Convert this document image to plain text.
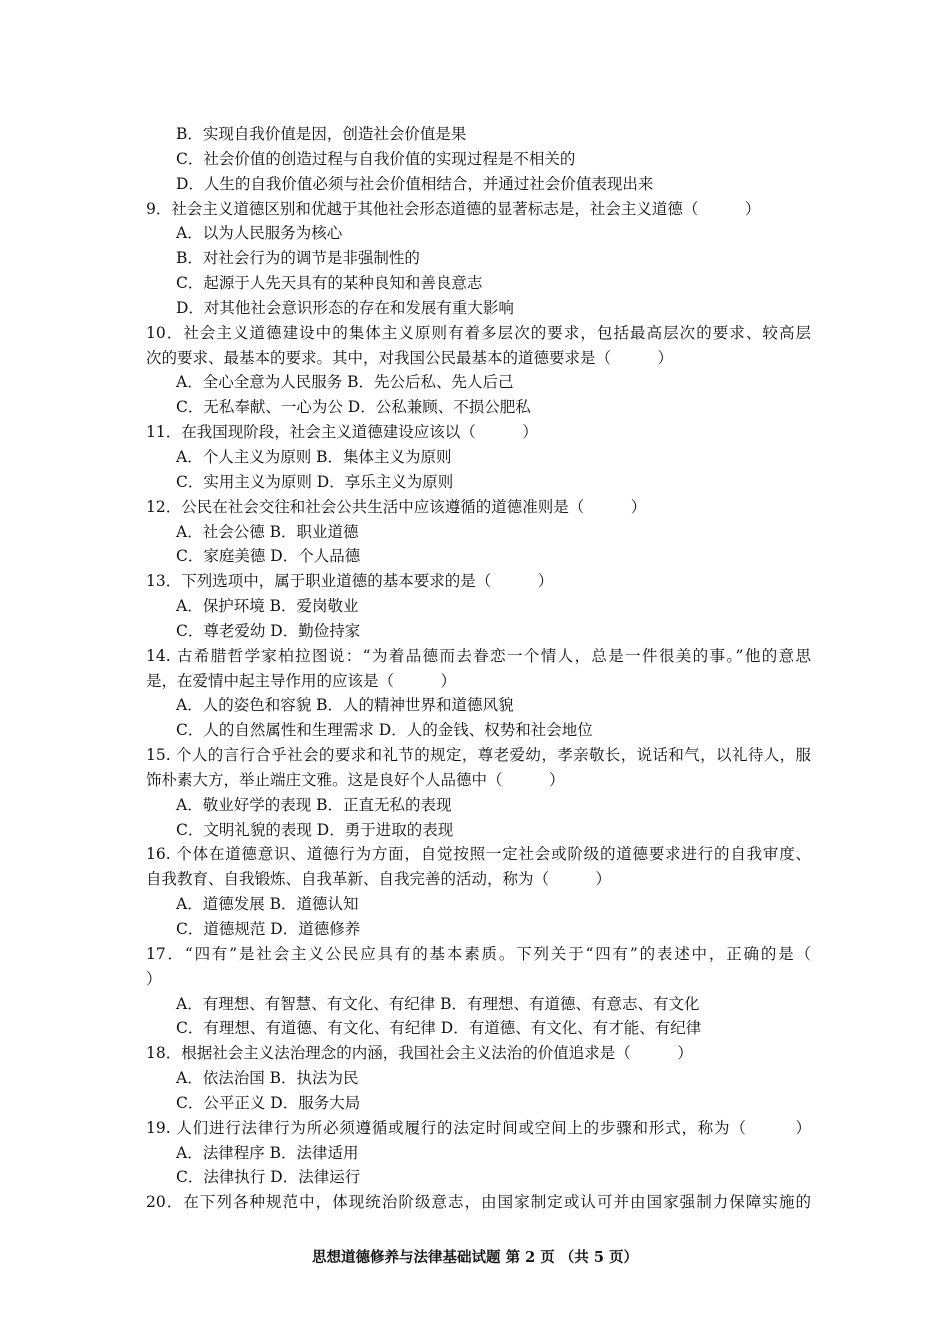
B．实现自我价值是因，创造社会价值是果
C．社会价值的创造过程与自我价值的实现过程是不相关的
D．人生的自我价值必须与社会价值相结合，并通过社会价值表现出来
9．社会主义道德区别和优越于其他社会形态道德的显著标志是，社会主义道德（　　　）
A．以为人民服务为核心
B．对社会行为的调节是非强制性的
C．起源于人先天具有的某种良知和善良意志
D．对其他社会意识形态的存在和发展有重大影响
10．社会主义道德建设中的集体主义原则有着多层次的要求，包括最高层次的要求、较高层
次的要求、最基本的要求。其中，对我国公民最基本的道德要求是（　　　）
A．全心全意为人民服务 B．先公后私、先人后己
C．无私奉献、一心为公 D．公私兼顾、不损公肥私
11．在我国现阶段，社会主义道德建设应该以（　　　）
A．个人主义为原则 B．集体主义为原则
C．实用主义为原则 D．享乐主义为原则
12．公民在社会交往和社会公共生活中应该遵循的道德准则是（　　　）
A．社会公德 B．职业道德
C．家庭美德 D．个人品德
13．下列选项中，属于职业道德的基本要求的是（　　　）
A．保护环境 B．爱岗敬业
C．尊老爱幼 D．勤俭持家
14. 古希腊哲学家柏拉图说：“为着品德而去眷恋一个情人，总是一件很美的事。”他的意思
是，在爱情中起主导作用的应该是（　　　）
A．人的姿色和容貌 B．人的精神世界和道德风貌
C．人的自然属性和生理需求 D．人的金钱、权势和社会地位
15. 个人的言行合乎社会的要求和礼节的规定，尊老爱幼，孝亲敬长，说话和气，以礼待人，服
饰朴素大方，举止端庄文雅。这是良好个人品德中（　　　）
A．敬业好学的表现 B．正直无私的表现
C．文明礼貌的表现 D．勇于进取的表现
16. 个体在道德意识、道德行为方面，自觉按照一定社会或阶级的道德要求进行的自我审度、
自我教育、自我锻炼、自我革新、自我完善的活动，称为（　　　）
A．道德发展 B．道德认知
C．道德规范 D．道德修养
17．“四有”是社会主义公民应具有的基本素质。下列关于“四有”的表述中，正确的是（
）
A．有理想、有智慧、有文化、有纪律 B．有理想、有道德、有意志、有文化
C．有理想、有道德、有文化、有纪律 D．有道德、有文化、有才能、有纪律
18．根据社会主义法治理念的内涵，我国社会主义法治的价值追求是（　　　）
A．依法治国 B．执法为民
C．公平正义 D．服务大局
19. 人们进行法律行为所必须遵循或履行的法定时间或空间上的步骤和形式，称为（　　　）
A．法律程序 B．法律适用
C．法律执行 D．法律运行
20．在下列各种规范中，体现统治阶级意志，由国家制定或认可并由国家强制力保障实施的
思想道德修养与法律基础试题 第 2 页 （共 5 页）
